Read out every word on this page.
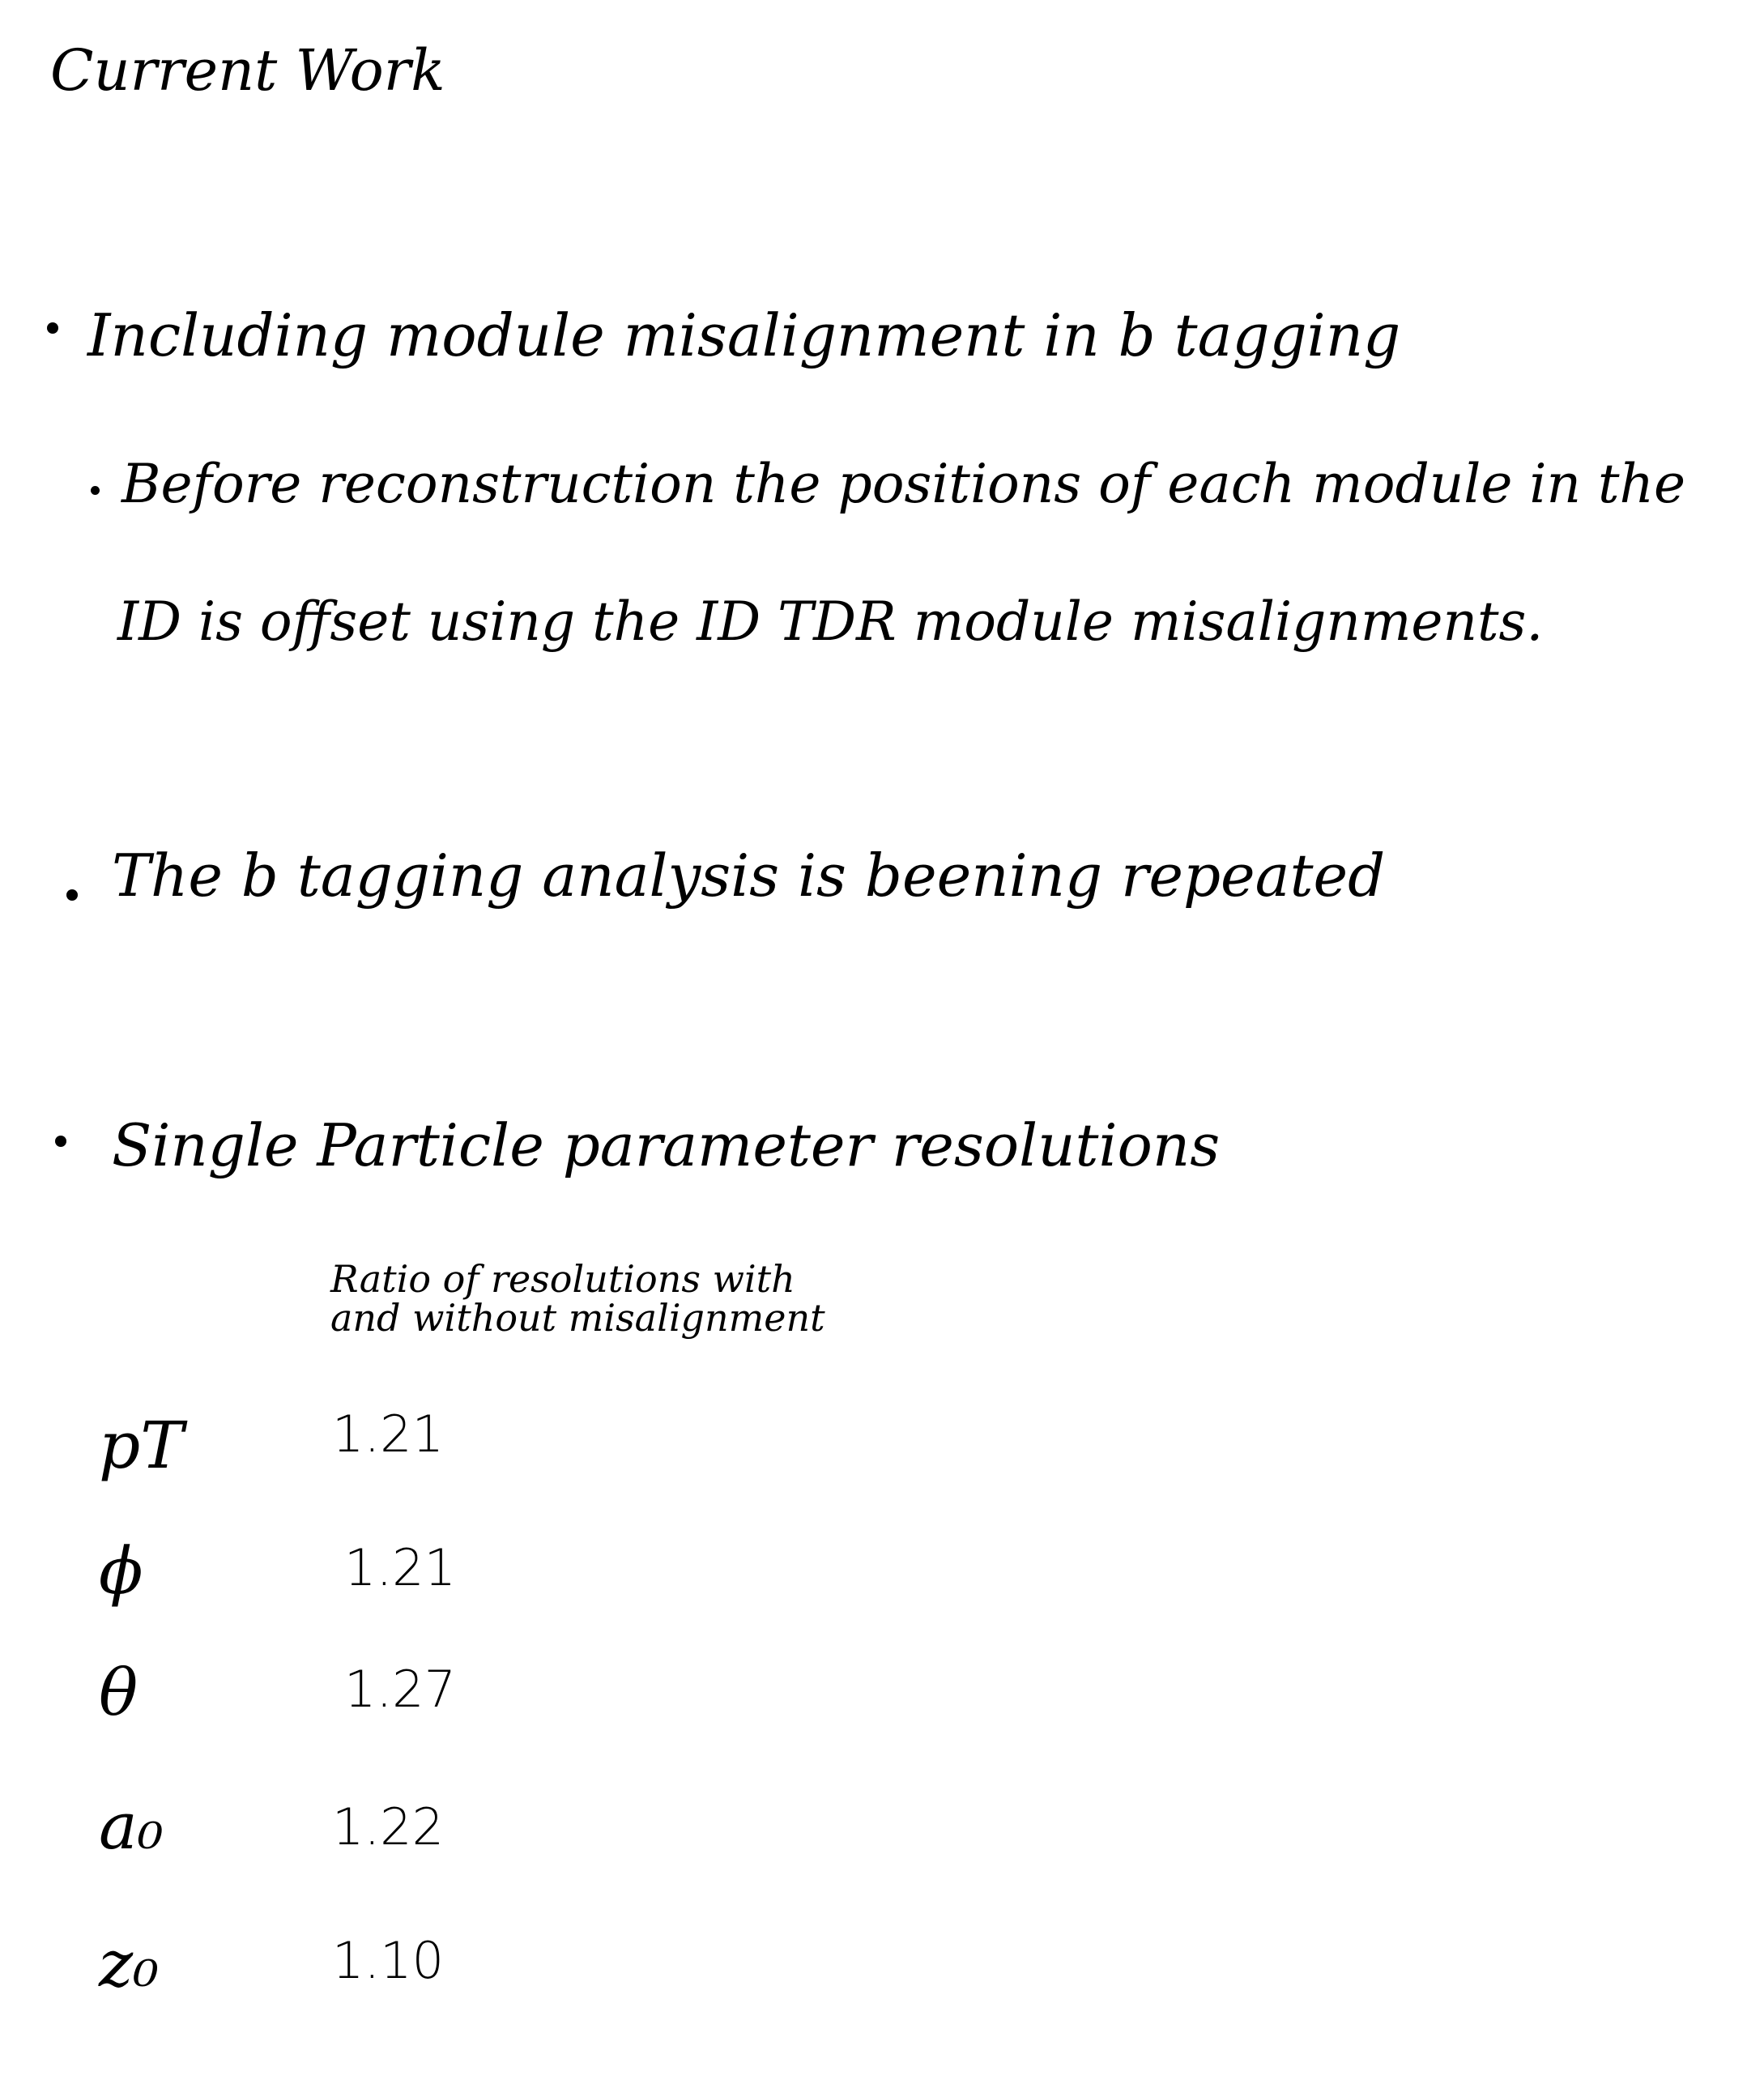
Current Work
Including module misalignment in b tagging
Before reconstruction the positions of each module in the
ID is offset using the ID TDR module misalignments.
The b tagging analysis is beening repeated
Single Particle parameter resolutions
Ratio of resolutions with
and without misalignment
pT	1.21
ϕ	1.21
θ	1.27
a₀	1.22
z₀	1.10
